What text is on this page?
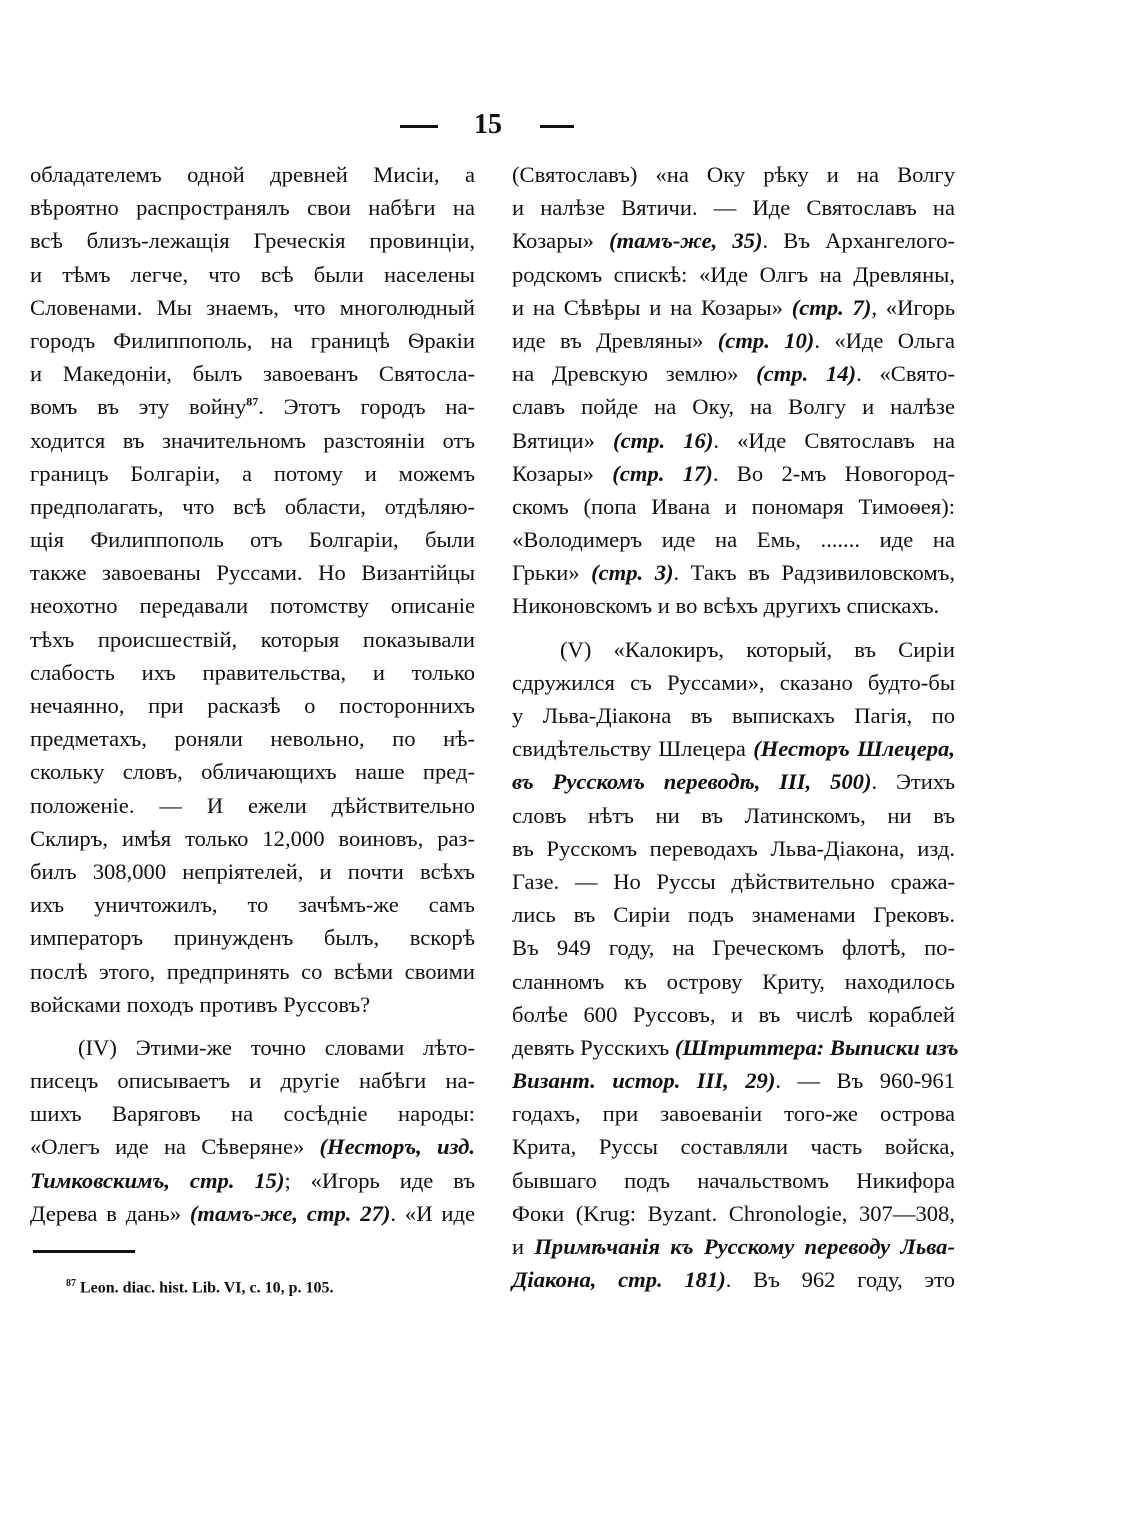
15
обладателемъ одной древней Мисіи, а
вѣроятно распространялъ свои набѣги на
всѣ близъ-лежащія Греческія провинціи,
и тѣмъ легче, что всѣ были населены
Словенами. Мы знаемъ, что многолюдный
городъ Филиппополь, на границѣ Ѳракіи
и Македоніи, былъ завоеванъ Святосла-
вомъ въ эту войну$^{87}$. Этотъ городъ на-
ходится въ значительномъ разстояніи отъ
границъ Болгаріи, а потому и можемъ
предполагать, что всѣ области, отдѣляю-
щія Филиппополь отъ Болгаріи, были
также завоеваны Руссами. Но Византійцы
неохотно передавали потомству описаніе
тѣхъ происшествій, которыя показывали
слабость ихъ правительства, и только
нечаянно, при расказѣ о постороннихъ
предметахъ, роняли невольно, по нѣ-
скольку словъ, обличающихъ наше пред-
положеніе. — И ежели дѣйствительно
Склиръ, имѣя только 12,000 воиновъ, раз-
билъ 308,000 непріятелей, и почти всѣхъ
ихъ уничтожилъ, то зачѣмъ-же самъ
императоръ принужденъ былъ, вскорѣ
послѣ этого, предпринять со всѣми своими
войсками походъ противъ Руссовъ?
(IV) Этими-же точно словами лѣто-
писецъ описываетъ и другіе набѣги на-
шихъ Варяговъ на сосѣдніе народы:
«Олегъ иде на Сѣверяне» (Несторъ, изд.
Тимковскимъ, стр. 15); «Игорь иде въ
Дерева в дань» (тамъ-же, стр. 27). «И иде
(Святославъ) «на Оку рѣку и на Волгу
и налѣзе Вятичи. — Иде Святославъ на
Козары» (тамъ-же, 35). Въ Архангелого-
родскомъ спискѣ: «Иде Олгъ на Древляны,
и на Сѣвѣры и на Козары» (стр. 7), «Игорь
иде въ Древляны» (стр. 10). «Иде Ольга
на Древскую землю» (стр. 14). «Свято-
славъ пойде на Оку, на Волгу и налѣзе
Вятици» (стр. 16). «Иде Святославъ на
Козары» (стр. 17). Во 2-мъ Новогород-
скомъ (попа Ивана и пономаря Тимоѳея):
«Володимеръ иде на Емь, ....... иде на
Грьки» (стр. 3). Такъ въ Радзивиловскомъ,
Никоновскомъ и во всѣхъ другихъ спискахъ.
(V) «Калокиръ, который, въ Сиріи
сдружился съ Руссами», сказано будто-бы
у Льва-Діакона въ выпискахъ Пагія, по
свидѣтельству Шлецера (Несторъ Шлецера,
въ Русскомъ переводѣ, III, 500). Этихъ
словъ нѣтъ ни въ Латинскомъ, ни въ
въ Русскомъ переводахъ Льва-Діакона, изд.
Газе. — Но Руссы дѣйствительно сража-
лись въ Сиріи подъ знаменами Грековъ.
Въ 949 году, на Греческомъ флотѣ, по-
сланномъ къ острову Криту, находилось
болѣе 600 Руссовъ, и въ числѣ кораблей
девять Русскихъ (Штриттера: Выписки изъ
Визант. истор. III, 29). — Въ 960-961
годахъ, при завоеваніи того-же острова
Крита, Руссы составляли часть войска,
бывшаго подъ начальствомъ Никифора
Фоки (Krug: Byzant. Chronologie, 307—308,
и Примѣчанія къ Русскому переводу Льва-
Діакона, стр. 181). Въ 962 году, это
$^{87}$ Leon. diac. hist. Lib. VI, c. 10, p. 105.
